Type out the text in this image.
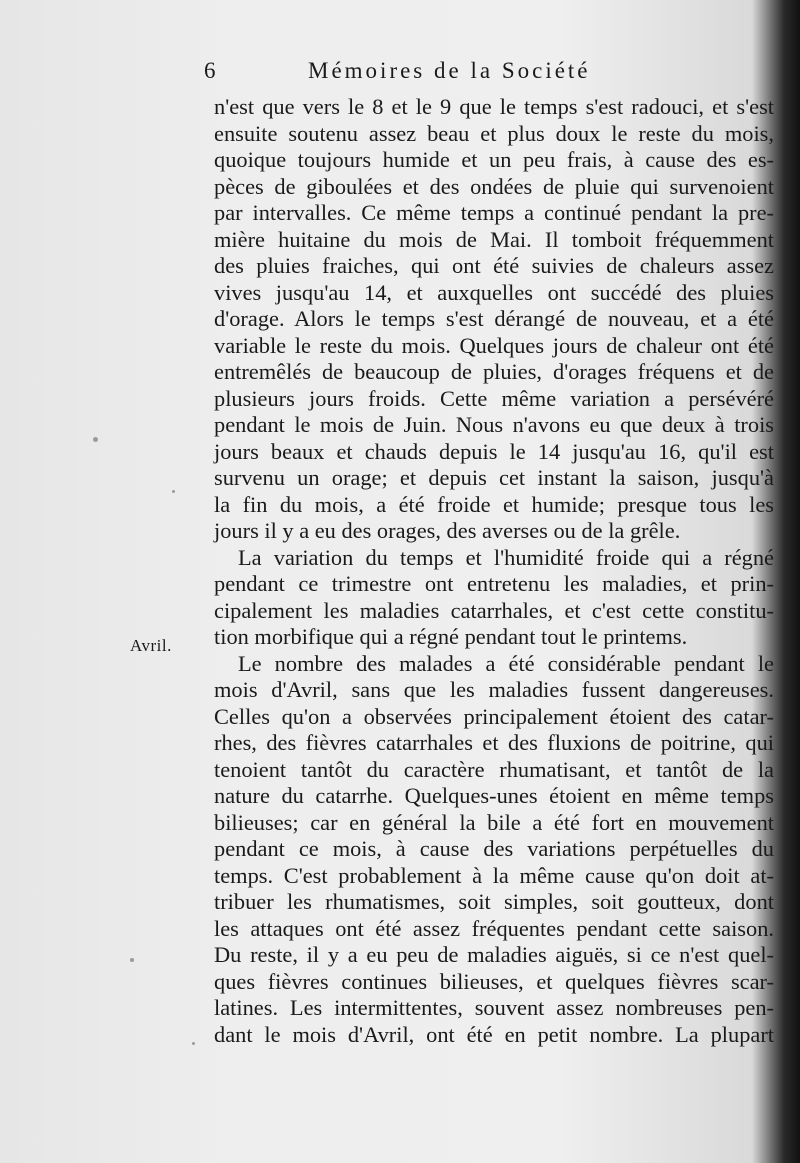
6	Mémoires de la Société
Avril.
n'est que vers le 8 et le 9 que le temps s'est radouci, et s'est
ensuite soutenu assez beau et plus doux le reste du mois,
quoique toujours humide et un peu frais, à cause des es-
pèces de giboulées et des ondées de pluie qui survenoient
par intervalles. Ce même temps a continué pendant la pre-
mière huitaine du mois de Mai. Il tomboit fréquemment
des pluies fraiches, qui ont été suivies de chaleurs assez
vives jusqu'au 14, et auxquelles ont succédé des pluies
d'orage. Alors le temps s'est dérangé de nouveau, et a été
variable le reste du mois. Quelques jours de chaleur ont été
entremêlés de beaucoup de pluies, d'orages fréquens et de
plusieurs jours froids. Cette même variation a persévéré
pendant le mois de Juin. Nous n'avons eu que deux à trois
jours beaux et chauds depuis le 14 jusqu'au 16, qu'il est
survenu un orage; et depuis cet instant la saison, jusqu'à
la fin du mois, a été froide et humide; presque tous les
jours il y a eu des orages, des averses ou de la grêle.
La variation du temps et l'humidité froide qui a régné
pendant ce trimestre ont entretenu les maladies, et prin-
cipalement les maladies catarrhales, et c'est cette constitu-
tion morbifique qui a régné pendant tout le printems.
Le nombre des malades a été considérable pendant le
mois d'Avril, sans que les maladies fussent dangereuses.
Celles qu'on a observées principalement étoient des catar-
rhes, des fièvres catarrhales et des fluxions de poitrine, qui
tenoient tantôt du caractère rhumatisant, et tantôt de la
nature du catarrhe. Quelques-unes étoient en même temps
bilieuses; car en général la bile a été fort en mouvement
pendant ce mois, à cause des variations perpétuelles du
temps. C'est probablement à la même cause qu'on doit at-
tribuer les rhumatismes, soit simples, soit goutteux, dont
les attaques ont été assez fréquentes pendant cette saison.
Du reste, il y a eu peu de maladies aiguës, si ce n'est quel-
ques fièvres continues bilieuses, et quelques fièvres scar-
latines. Les intermittentes, souvent assez nombreuses pen-
dant le mois d'Avril, ont été en petit nombre. La plupart
